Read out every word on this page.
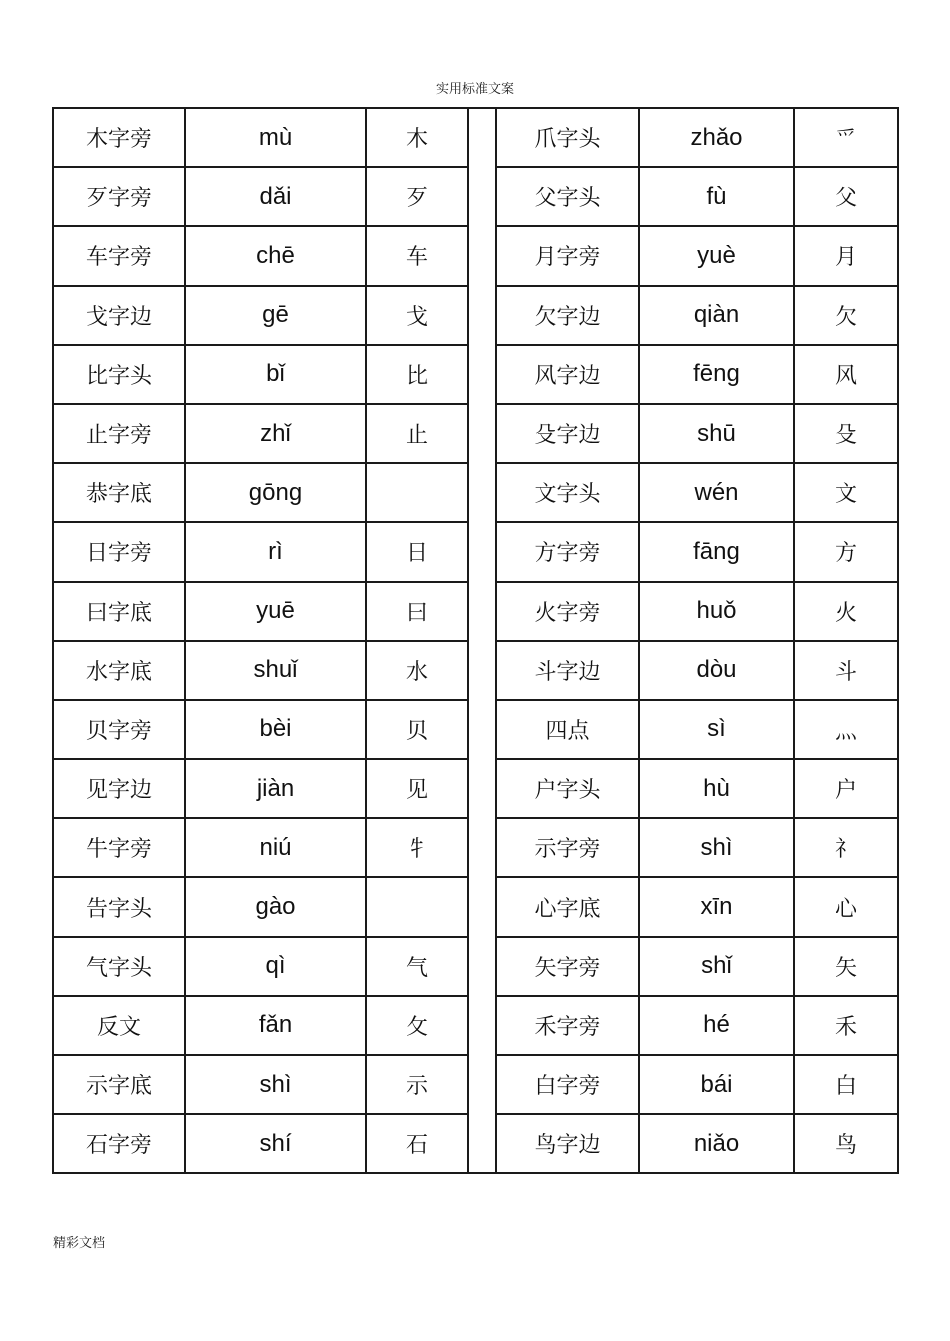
实用标准文案
木字旁	mù	木		爪字头	zhǎo	爫
歹字旁	dǎi	歹		父字头	fù	父
车字旁	chē	车		月字旁	yuè	月
戈字边	gē	戈		欠字边	qiàn	欠
比字头	bǐ	比		风字边	fēng	风
止字旁	zhǐ	止		殳字边	shū	殳
恭字底	gōng			文字头	wén	文
日字旁	rì	日		方字旁	fāng	方
曰字底	yuē	曰		火字旁	huǒ	火
水字底	shuǐ	水		斗字边	dòu	斗
贝字旁	bèi	贝		四点	sì	灬
见字边	jiàn	见		户字头	hù	户
牛字旁	niú	牜		示字旁	shì	礻
告字头	gào			心字底	xīn	心
气字头	qì	气		矢字旁	shǐ	矢
反文	fǎn	攵		禾字旁	hé	禾
示字底	shì	示		白字旁	bái	白
石字旁	shí	石		鸟字边	niǎo	鸟
精彩文档
